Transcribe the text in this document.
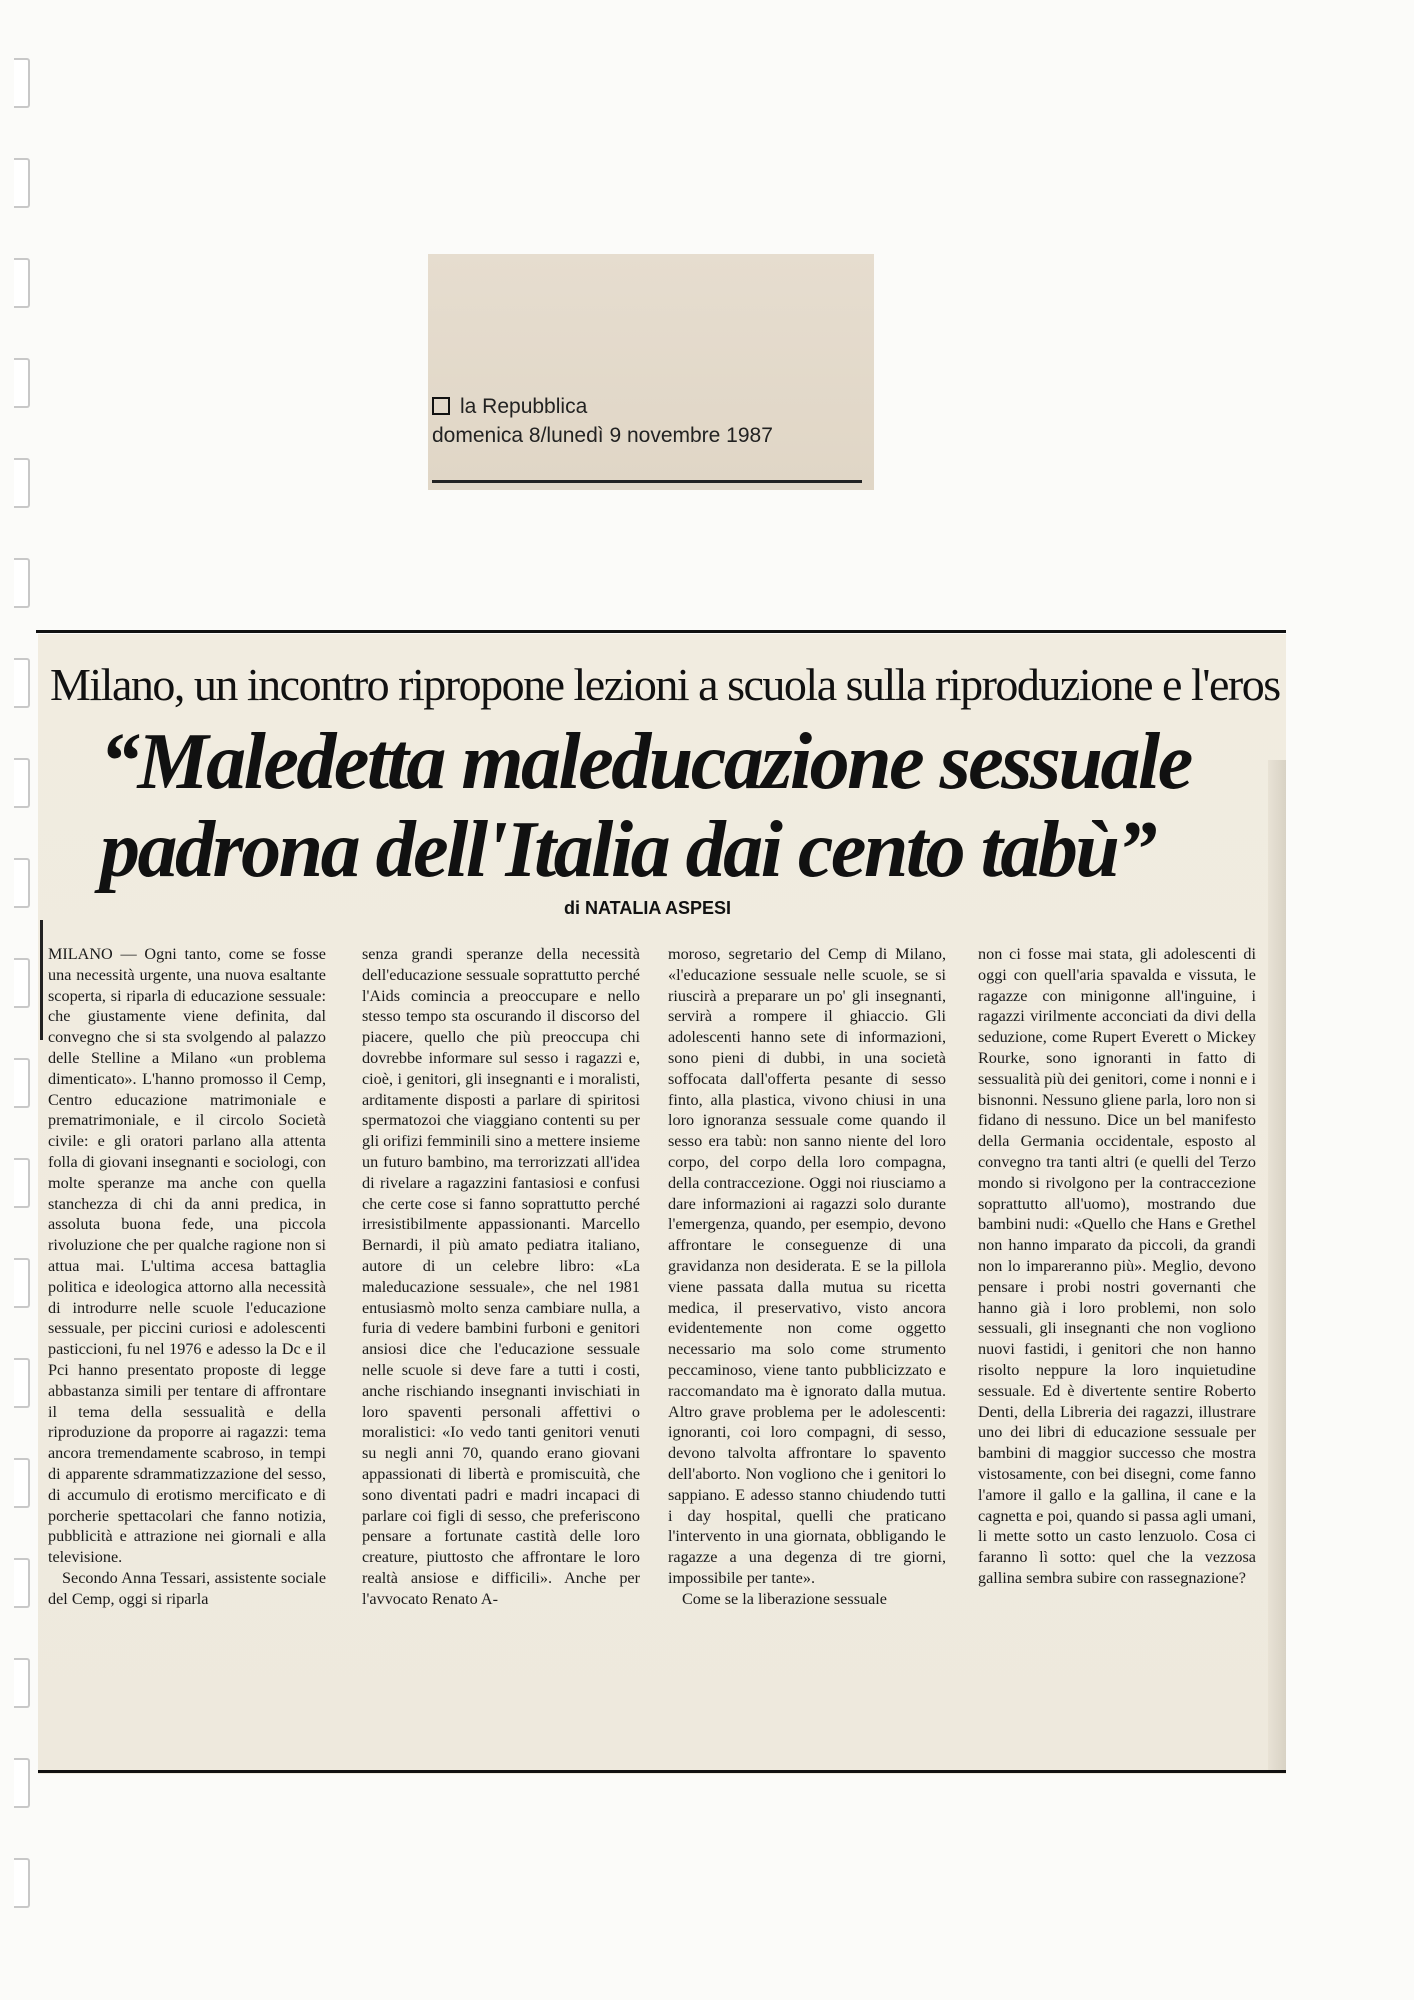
la Repubblica
domenica 8/lunedì 9 novembre 1987
Milano, un incontro ripropone lezioni a scuola sulla riproduzione e l'eros
“Maledetta maleducazione sessuale padrona dell'Italia dai cento tabù”
di NATALIA ASPESI

MILANO — Ogni tanto, come se fosse una necessità urgente, una nuova esaltante scoperta, si riparla di educazione sessuale: che giustamente viene definita, dal convegno che si sta svolgendo al palazzo delle Stelline a Milano «un problema dimenticato». L'hanno promosso il Cemp, Centro educazione matrimoniale e prematrimoniale, e il circolo Società civile: e gli oratori parlano alla attenta folla di giovani insegnanti e sociologi, con molte speranze ma anche con quella stanchezza di chi da anni predica, in assoluta buona fede, una piccola rivoluzione che per qualche ragione non si attua mai. L'ultima accesa battaglia politica e ideologica attorno alla necessità di introdurre nelle scuole l'educazione sessuale, per piccini curiosi e adolescenti pasticcioni, fu nel 1976 e adesso la Dc e il Pci hanno presentato proposte di legge abbastanza simili per tentare di affrontare il tema della sessualità e della riproduzione da proporre ai ragazzi: tema ancora tremendamente scabroso, in tempi di apparente sdrammatizzazione del sesso, di accumulo di erotismo mercificato e di porcherie spettacolari che fanno notizia, pubblicità e attrazione nei giornali e alla televisione.

Secondo Anna Tessari, assistente sociale del Cemp, oggi si riparla

senza grandi speranze della necessità dell'educazione sessuale soprattutto perché l'Aids comincia a preoccupare e nello stesso tempo sta oscurando il discorso del piacere, quello che più preoccupa chi dovrebbe informare sul sesso i ragazzi e, cioè, i genitori, gli insegnanti e i moralisti, arditamente disposti a parlare di spiritosi spermatozoi che viaggiano contenti su per gli orifizi femminili sino a mettere insieme un futuro bambino, ma terrorizzati all'idea di rivelare a ragazzini fantasiosi e confusi che certe cose si fanno soprattutto perché irresistibilmente appassionanti. Marcello Bernardi, il più amato pediatra italiano, autore di un celebre libro: «La maleducazione sessuale», che nel 1981 entusiasmò molto senza cambiare nulla, a furia di vedere bambini furboni e genitori ansiosi dice che l'educazione sessuale nelle scuole si deve fare a tutti i costi, anche rischiando insegnanti invischiati in loro spaventi personali affettivi o moralistici: «Io vedo tanti genitori venuti su negli anni 70, quando erano giovani appassionati di libertà e promiscuità, che sono diventati padri e madri incapaci di parlare coi figli di sesso, che preferiscono pensare a fortunate castità delle loro creature, piuttosto che affrontare le loro realtà ansiose e difficili». Anche per l'avvocato Renato A-

moroso, segretario del Cemp di Milano, «l'educazione sessuale nelle scuole, se si riuscirà a preparare un po' gli insegnanti, servirà a rompere il ghiaccio. Gli adolescenti hanno sete di informazioni, sono pieni di dubbi, in una società soffocata dall'offerta pesante di sesso finto, alla plastica, vivono chiusi in una loro ignoranza sessuale come quando il sesso era tabù: non sanno niente del loro corpo, del corpo della loro compagna, della contraccezione. Oggi noi riusciamo a dare informazioni ai ragazzi solo durante l'emergenza, quando, per esempio, devono affrontare le conseguenze di una gravidanza non desiderata. E se la pillola viene passata dalla mutua su ricetta medica, il preservativo, visto ancora evidentemente non come oggetto necessario ma solo come strumento peccaminoso, viene tanto pubblicizzato e raccomandato ma è ignorato dalla mutua. Altro grave problema per le adolescenti: ignoranti, coi loro compagni, di sesso, devono talvolta affrontare lo spavento dell'aborto. Non vogliono che i genitori lo sappiano. E adesso stanno chiudendo tutti i day hospital, quelli che praticano l'intervento in una giornata, obbligando le ragazze a una degenza di tre giorni, impossibile per tante».

Come se la liberazione sessuale

non ci fosse mai stata, gli adolescenti di oggi con quell'aria spavalda e vissuta, le ragazze con minigonne all'inguine, i ragazzi virilmente acconciati da divi della seduzione, come Rupert Everett o Mickey Rourke, sono ignoranti in fatto di sessualità più dei genitori, come i nonni e i bisnonni. Nessuno gliene parla, loro non si fidano di nessuno. Dice un bel manifesto della Germania occidentale, esposto al convegno tra tanti altri (e quelli del Terzo mondo si rivolgono per la contraccezione soprattutto all'uomo), mostrando due bambini nudi: «Quello che Hans e Grethel non hanno imparato da piccoli, da grandi non lo impareranno più». Meglio, devono pensare i probi nostri governanti che hanno già i loro problemi, non solo sessuali, gli insegnanti che non vogliono nuovi fastidi, i genitori che non hanno risolto neppure la loro inquietudine sessuale. Ed è divertente sentire Roberto Denti, della Libreria dei ragazzi, illustrare uno dei libri di educazione sessuale per bambini di maggior successo che mostra vistosamente, con bei disegni, come fanno l'amore il gallo e la gallina, il cane e la cagnetta e poi, quando si passa agli umani, li mette sotto un casto lenzuolo. Cosa ci faranno lì sotto: quel che la vezzosa gallina sembra subire con rassegnazione?
